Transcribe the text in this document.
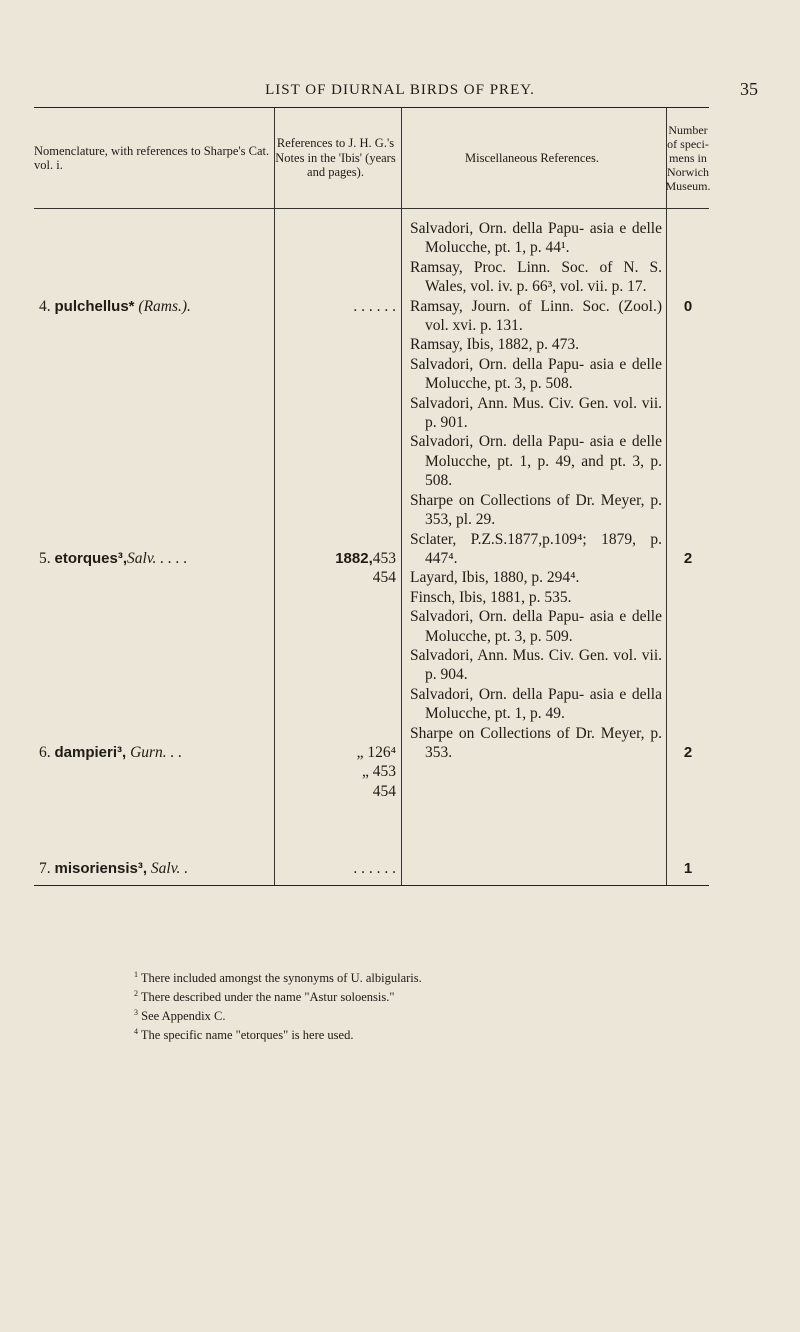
LIST OF DIURNAL BIRDS OF PREY.	35
Nomenclature, with references to Sharpe's Cat. vol. i.
References to J. H. G.'s Notes in the 'Ibis' (years and pages).
Miscellaneous References.
Number of speci- mens in Norwich Museum.
4. pulchellus* (Rams.).
5. etorques³,Salv. . . . .
6. dampieri³, Gurn. . .
7. misoriensis³, Salv. .
. . . . . .
1882, 453
454
„ 126⁴
„ 453
454
. . . . . .
Salvadori, Orn. della Papu- asia e delle Molucche, pt. 1, p. 44¹.
Ramsay, Proc. Linn. Soc. of N. S. Wales, vol. iv. p. 66³, vol. vii. p. 17.
Ramsay, Journ. of Linn. Soc. (Zool.) vol. xvi. p. 131.
Ramsay, Ibis, 1882, p. 473.
Salvadori, Orn. della Papu- asia e delle Molucche, pt. 3, p. 508.
Salvadori, Ann. Mus. Civ. Gen. vol. vii. p. 901.
Salvadori, Orn. della Papu- asia e delle Molucche, pt. 1, p. 49, and pt. 3, p. 508.
Sharpe on Collections of Dr. Meyer, p. 353, pl. 29.
Sclater, P.Z.S.1877,p.109⁴; 1879, p. 447⁴.
Layard, Ibis, 1880, p. 294⁴.
Finsch, Ibis, 1881, p. 535.
Salvadori, Orn. della Papu- asia e delle Molucche, pt. 3, p. 509.
Salvadori, Ann. Mus. Civ. Gen. vol. vii. p. 904.
Salvadori, Orn. della Papu- asia e della Molucche, pt. 1, p. 49.
Sharpe on Collections of Dr. Meyer, p. 353.
0
2
2
1
$^1$ There included amongst the synonyms of U. albigularis.
$^2$ There described under the name "Astur soloensis."
$^3$ See Appendix C.
$^4$ The specific name "etorques" is here used.
